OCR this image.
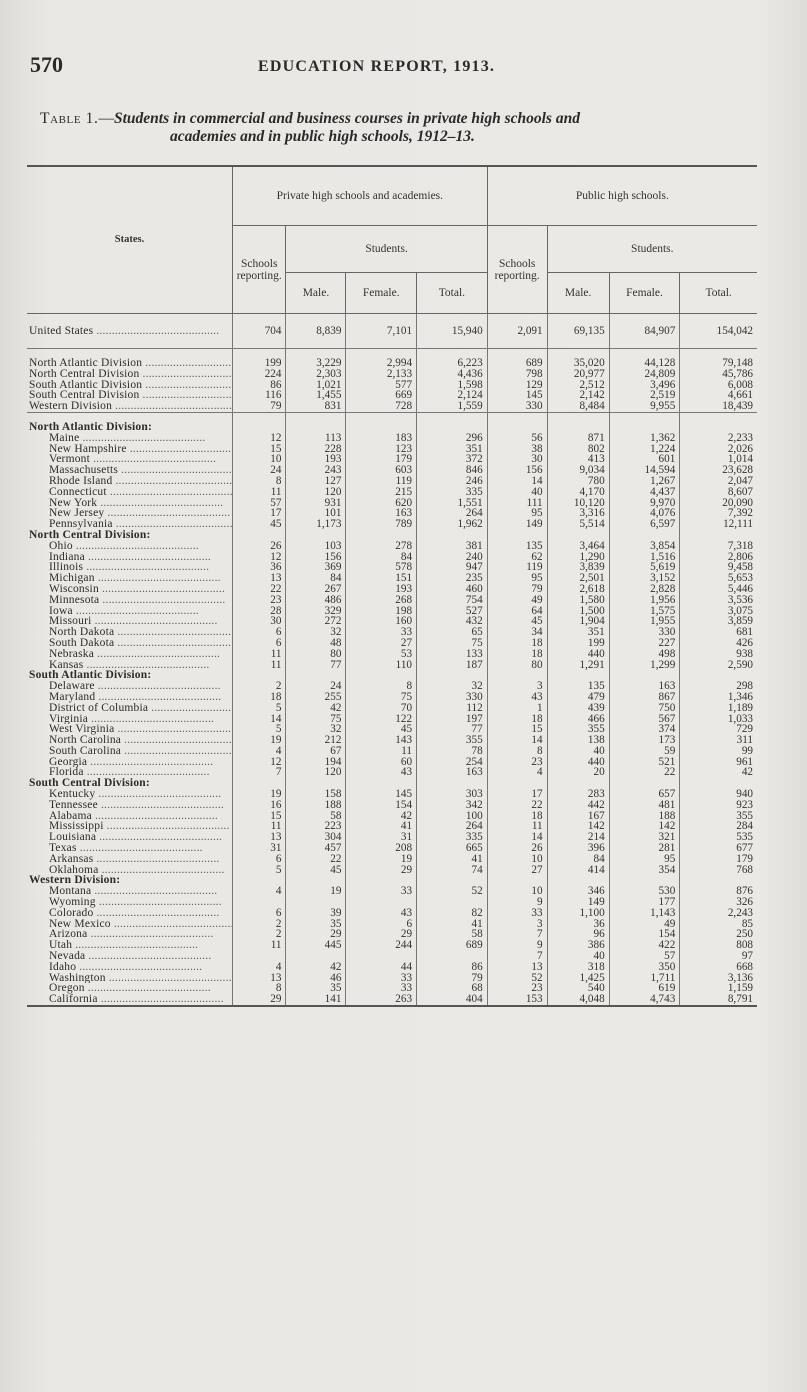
570	EDUCATION REPORT, 1913.
Table 1.—Students in commercial and business courses in private high schools and
academies and in public high schools, 1912–13.
States.	Private high schools and academies.				Public high schools.			
	Schools reporting.	Students.			Schools reporting.	Students.		
		Male.	Female.	Total.		Male.	Female.	Total.
United States .....	704	8,839	7,101	15,940	2,091	69,135	84,907	154,042

North Atlantic Division .....	199	3,229	2,994	6,223	689	35,020	44,128	79,148
North Central Division .....	224	2,303	2,133	4,436	798	20,977	24,809	45,786
South Atlantic Division .....	86	1,021	577	1,598	129	2,512	3,496	6,008
South Central Division .....	116	1,455	669	2,124	145	2,142	2,519	4,661
Western Division .....	79	831	728	1,559	330	8,484	9,955	18,439

North Atlantic Division:								
Maine .....	12	113	183	296	56	871	1,362	2,233
New Hampshire .....	15	228	123	351	38	802	1,224	2,026
Vermont .....	10	193	179	372	30	413	601	1,014
Massachusetts .....	24	243	603	846	156	9,034	14,594	23,628
Rhode Island .....	8	127	119	246	14	780	1,267	2,047
Connecticut .....	11	120	215	335	40	4,170	4,437	8,607
New York .....	57	931	620	1,551	111	10,120	9,970	20,090
New Jersey .....	17	101	163	264	95	3,316	4,076	7,392
Pennsylvania .....	45	1,173	789	1,962	149	5,514	6,597	12,111
North Central Division:								
Ohio .....	26	103	278	381	135	3,464	3,854	7,318
Indiana .....	12	156	84	240	62	1,290	1,516	2,806
Illinois .....	36	369	578	947	119	3,839	5,619	9,458
Michigan .....	13	84	151	235	95	2,501	3,152	5,653
Wisconsin .....	22	267	193	460	79	2,618	2,828	5,446
Minnesota .....	23	486	268	754	49	1,580	1,956	3,536
Iowa .....	28	329	198	527	64	1,500	1,575	3,075
Missouri .....	30	272	160	432	45	1,904	1,955	3,859
North Dakota .....	6	32	33	65	34	351	330	681
South Dakota .....	6	48	27	75	18	199	227	426
Nebraska .....	11	80	53	133	18	440	498	938
Kansas .....	11	77	110	187	80	1,291	1,299	2,590
South Atlantic Division:								
Delaware .....	2	24	8	32	3	135	163	298
Maryland .....	18	255	75	330	43	479	867	1,346
District of Columbia .....	5	42	70	112	1	439	750	1,189
Virginia .....	14	75	122	197	18	466	567	1,033
West Virginia .....	5	32	45	77	15	355	374	729
North Carolina .....	19	212	143	355	14	138	173	311
South Carolina .....	4	67	11	78	8	40	59	99
Georgia .....	12	194	60	254	23	440	521	961
Florida .....	7	120	43	163	4	20	22	42
South Central Division:								
Kentucky .....	19	158	145	303	17	283	657	940
Tennessee .....	16	188	154	342	22	442	481	923
Alabama .....	15	58	42	100	18	167	188	355
Mississippi .....	11	223	41	264	11	142	142	284
Louisiana .....	13	304	31	335	14	214	321	535
Texas .....	31	457	208	665	26	396	281	677
Arkansas .....	6	22	19	41	10	84	95	179
Oklahoma .....	5	45	29	74	27	414	354	768
Western Division:								
Montana .....	4	19	33	52	10	346	530	876
Wyoming .....					9	149	177	326
Colorado .....	6	39	43	82	33	1,100	1,143	2,243
New Mexico .....	2	35	6	41	3	36	49	85
Arizona .....	2	29	29	58	7	96	154	250
Utah .....	11	445	244	689	9	386	422	808
Nevada .....					7	40	57	97
Idaho .....	4	42	44	86	13	318	350	668
Washington .....	13	46	33	79	52	1,425	1,711	3,136
Oregon .....	8	35	33	68	23	540	619	1,159
California .....	29	141	263	404	153	4,048	4,743	8,791
